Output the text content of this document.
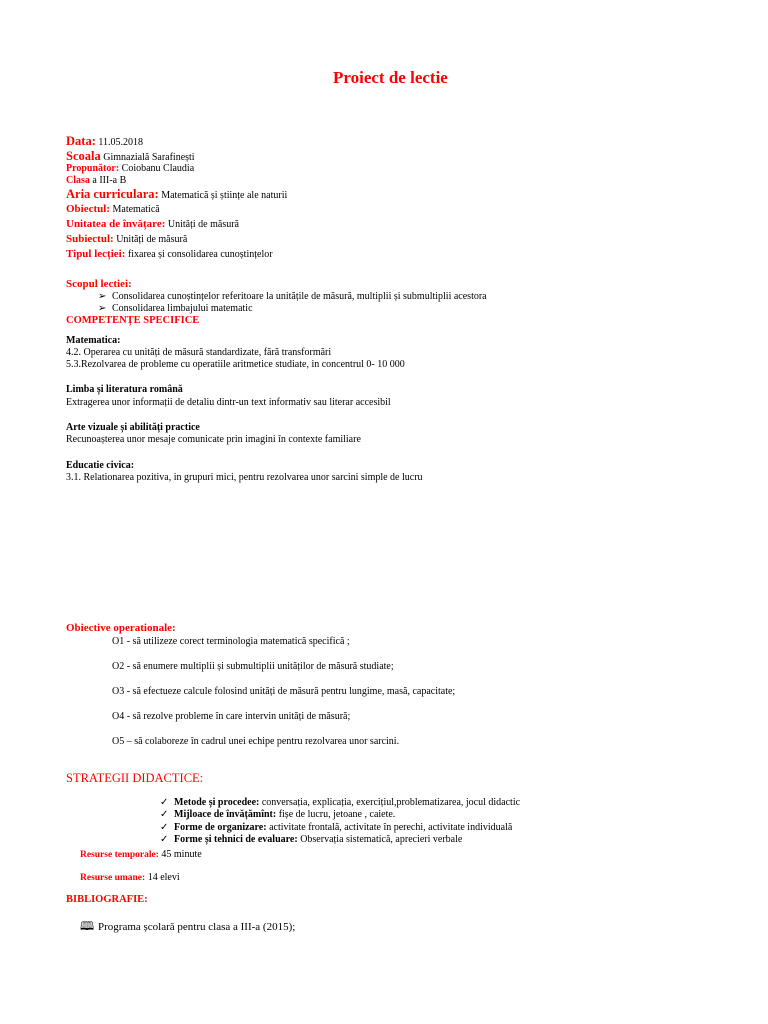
Proiect de lectie
Data: 11.05.2018
Scoala Gimnazială Sarafinești
Propunător: Coiobanu Claudia
Clasa a III-a B
Aria curriculara: Matematică și științe ale naturii
Obiectul: Matematică
Unitatea de învățare: Unități de măsură
Subiectul: Unități de măsură
Tipul lecției: fixarea și consolidarea cunoștințelor
Scopul lectiei:
➢ Consolidarea cunoștințelor referitoare la unitățile de măsură, multiplii și submultiplii acestora
➢ Consolidarea limbajului matematic
COMPETENȚE SPECIFICE
Matematica:
4.2. Operarea cu unități de măsură standardizate, fără transformări
5.3.Rezolvarea de probleme cu operatiile aritmetice studiate, in concentrul 0- 10 000
Limba și literatura română
Extragerea unor informații de detaliu dintr-un text informativ sau literar accesibil
Arte vizuale și abilități practice
Recunoașterea unor mesaje comunicate prin imagini în contexte familiare
Educatie civica:
3.1. Relationarea pozitiva, in grupuri mici, pentru rezolvarea unor sarcini simple de lucru
Obiective operationale:
O1 - să utilizeze corect terminologia matematică specifică ;
O2 - să enumere multiplii și submultiplii unităților de măsură studiate;
O3 - să efectueze calcule folosind unități de măsură pentru lungime, masă, capacitate;
O4 - să rezolve probleme în care intervin unități de măsură;
O5 – să colaboreze în cadrul unei echipe pentru rezolvarea unor sarcini.
STRATEGII DIDACTICE:
✓ Metode și procedee: conversația, explicația, exercițiul,problematizarea, jocul didactic
✓ Mijloace de învățămînt: fișe de lucru, jetoane , caiete.
✓ Forme de organizare: activitate frontală, activitate în perechi, activitate individuală
✓ Forme și tehnici de evaluare: Observația sistematică, aprecieri verbale
Resurse temporale: 45 minute
Resurse umane: 14 elevi
BIBLIOGRAFIE:
🕮 Programa școlară pentru clasa a III-a (2015);
